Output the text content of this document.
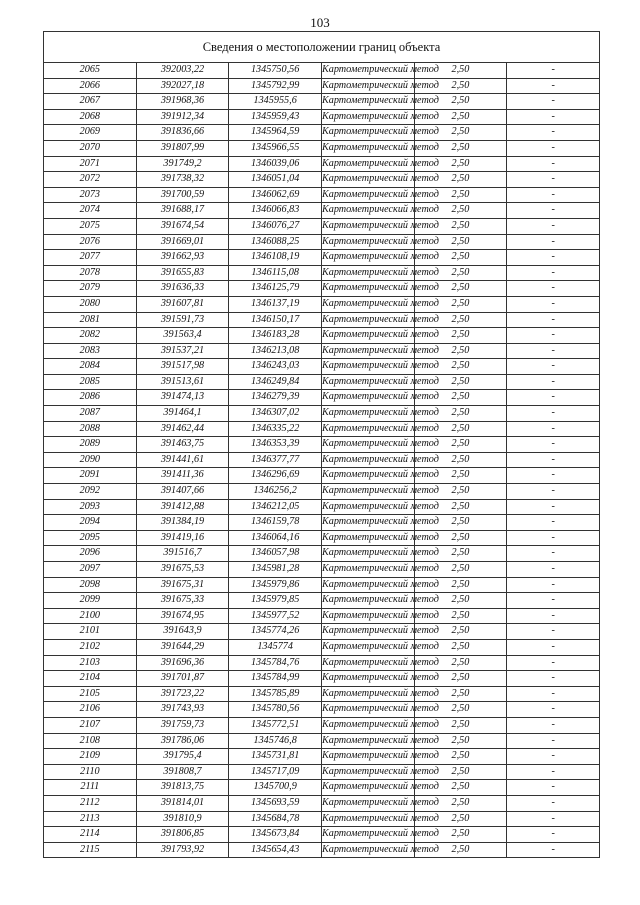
103
Сведения о местоположении границ объекта					
2065	392003,22	1345750,56	Картометрический метод	2,50	-
2066	392027,18	1345792,99	Картометрический метод	2,50	-
2067	391968,36	1345955,6	Картометрический метод	2,50	-
2068	391912,34	1345959,43	Картометрический метод	2,50	-
2069	391836,66	1345964,59	Картометрический метод	2,50	-
2070	391807,99	1345966,55	Картометрический метод	2,50	-
2071	391749,2	1346039,06	Картометрический метод	2,50	-
2072	391738,32	1346051,04	Картометрический метод	2,50	-
2073	391700,59	1346062,69	Картометрический метод	2,50	-
2074	391688,17	1346066,83	Картометрический метод	2,50	-
2075	391674,54	1346076,27	Картометрический метод	2,50	-
2076	391669,01	1346088,25	Картометрический метод	2,50	-
2077	391662,93	1346108,19	Картометрический метод	2,50	-
2078	391655,83	1346115,08	Картометрический метод	2,50	-
2079	391636,33	1346125,79	Картометрический метод	2,50	-
2080	391607,81	1346137,19	Картометрический метод	2,50	-
2081	391591,73	1346150,17	Картометрический метод	2,50	-
2082	391563,4	1346183,28	Картометрический метод	2,50	-
2083	391537,21	1346213,08	Картометрический метод	2,50	-
2084	391517,98	1346243,03	Картометрический метод	2,50	-
2085	391513,61	1346249,84	Картометрический метод	2,50	-
2086	391474,13	1346279,39	Картометрический метод	2,50	-
2087	391464,1	1346307,02	Картометрический метод	2,50	-
2088	391462,44	1346335,22	Картометрический метод	2,50	-
2089	391463,75	1346353,39	Картометрический метод	2,50	-
2090	391441,61	1346377,77	Картометрический метод	2,50	-
2091	391411,36	1346296,69	Картометрический метод	2,50	-
2092	391407,66	1346256,2	Картометрический метод	2,50	-
2093	391412,88	1346212,05	Картометрический метод	2,50	-
2094	391384,19	1346159,78	Картометрический метод	2,50	-
2095	391419,16	1346064,16	Картометрический метод	2,50	-
2096	391516,7	1346057,98	Картометрический метод	2,50	-
2097	391675,53	1345981,28	Картометрический метод	2,50	-
2098	391675,31	1345979,86	Картометрический метод	2,50	-
2099	391675,33	1345979,85	Картометрический метод	2,50	-
2100	391674,95	1345977,52	Картометрический метод	2,50	-
2101	391643,9	1345774,26	Картометрический метод	2,50	-
2102	391644,29	1345774	Картометрический метод	2,50	-
2103	391696,36	1345784,76	Картометрический метод	2,50	-
2104	391701,87	1345784,99	Картометрический метод	2,50	-
2105	391723,22	1345785,89	Картометрический метод	2,50	-
2106	391743,93	1345780,56	Картометрический метод	2,50	-
2107	391759,73	1345772,51	Картометрический метод	2,50	-
2108	391786,06	1345746,8	Картометрический метод	2,50	-
2109	391795,4	1345731,81	Картометрический метод	2,50	-
2110	391808,7	1345717,09	Картометрический метод	2,50	-
2111	391813,75	1345700,9	Картометрический метод	2,50	-
2112	391814,01	1345693,59	Картометрический метод	2,50	-
2113	391810,9	1345684,78	Картометрический метод	2,50	-
2114	391806,85	1345673,84	Картометрический метод	2,50	-
2115	391793,92	1345654,43	Картометрический метод	2,50	-
